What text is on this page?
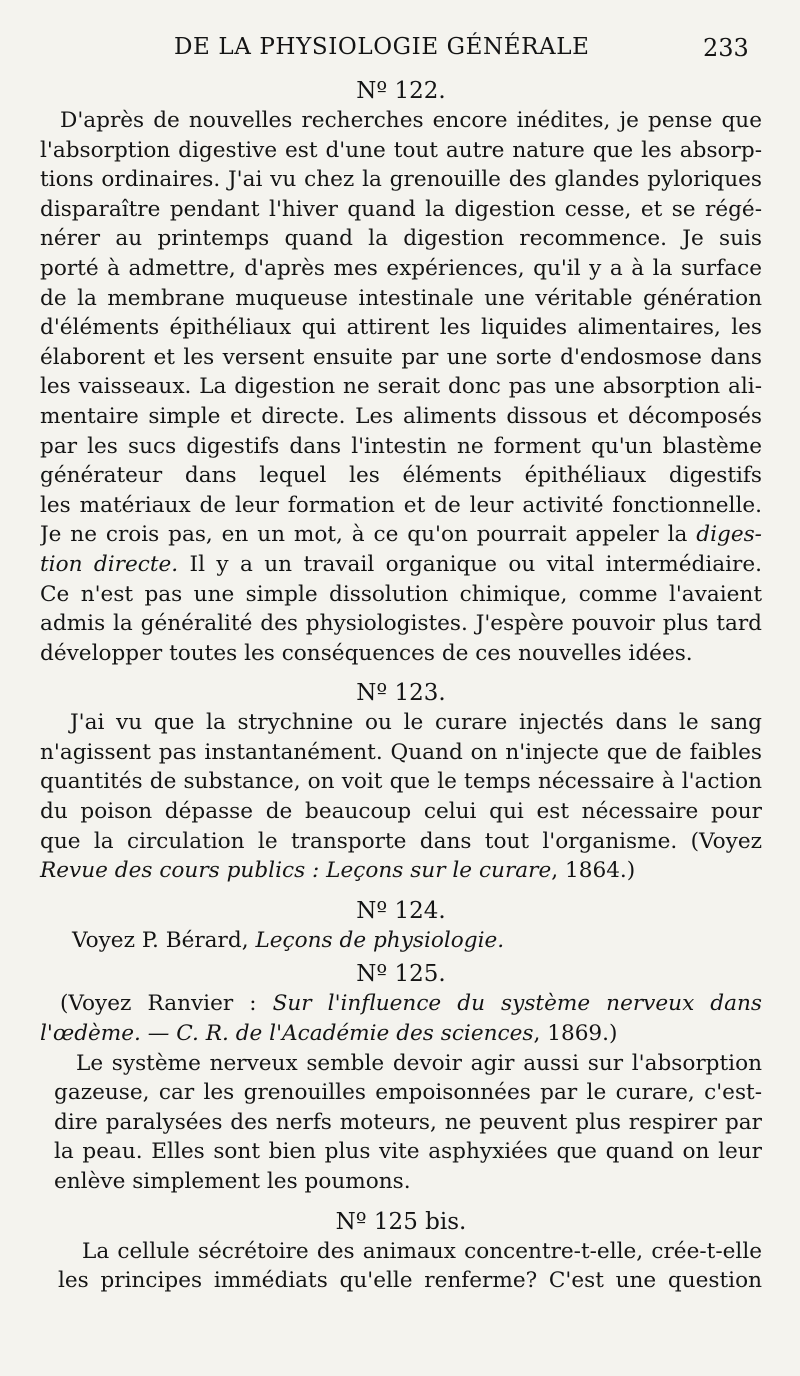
DE LA PHYSIOLOGIE GÉNÉRALE	233
Nº 122.
D'après de nouvelles recherches encore inédites, je pense que
l'absorption digestive est d'une tout autre nature que les absorp-
tions ordinaires. J'ai vu chez la grenouille des glandes pyloriques
disparaître pendant l'hiver quand la digestion cesse, et se régé-
nérer au printemps quand la digestion recommence. Je suis
porté à admettre, d'après mes expériences, qu'il y a à la surface
de la membrane muqueuse intestinale une véritable génération
d'éléments épithéliaux qui attirent les liquides alimentaires, les
élaborent et les versent ensuite par une sorte d'endosmose dans
les vaisseaux. La digestion ne serait donc pas une absorption ali-
mentaire simple et directe. Les aliments dissous et décomposés
par les sucs digestifs dans l'intestin ne forment qu'un blastème
générateur dans lequel les éléments épithéliaux digestifs
les matériaux de leur formation et de leur activité fonctionnelle.
Je ne crois pas, en un mot, à ce qu'on pourrait appeler la diges-
tion directe. Il y a un travail organique ou vital intermédiaire.
Ce n'est pas une simple dissolution chimique, comme l'avaient
admis la généralité des physiologistes. J'espère pouvoir plus tard
développer toutes les conséquences de ces nouvelles idées.
Nº 123.
J'ai vu que la strychnine ou le curare injectés dans le sang
n'agissent pas instantanément. Quand on n'injecte que de faibles
quantités de substance, on voit que le temps nécessaire à l'action
du poison dépasse de beaucoup celui qui est nécessaire pour
que la circulation le transporte dans tout l'organisme. (Voyez
Revue des cours publics : Leçons sur le curare, 1864.)
Nº 124.
Voyez P. Bérard, Leçons de physiologie.
Nº 125.
(Voyez Ranvier : Sur l'influence du système nerveux dans
l'œdème. — C. R. de l'Académie des sciences, 1869.)
Le système nerveux semble devoir agir aussi sur l'absorption
gazeuse, car les grenouilles empoisonnées par le curare, c'est-
dire paralysées des nerfs moteurs, ne peuvent plus respirer par
la peau. Elles sont bien plus vite asphyxiées que quand on leur
enlève simplement les poumons.
Nº 125 bis.
La cellule sécrétoire des animaux concentre-t-elle, crée-t-elle
les principes immédiats qu'elle renferme? C'est une question
